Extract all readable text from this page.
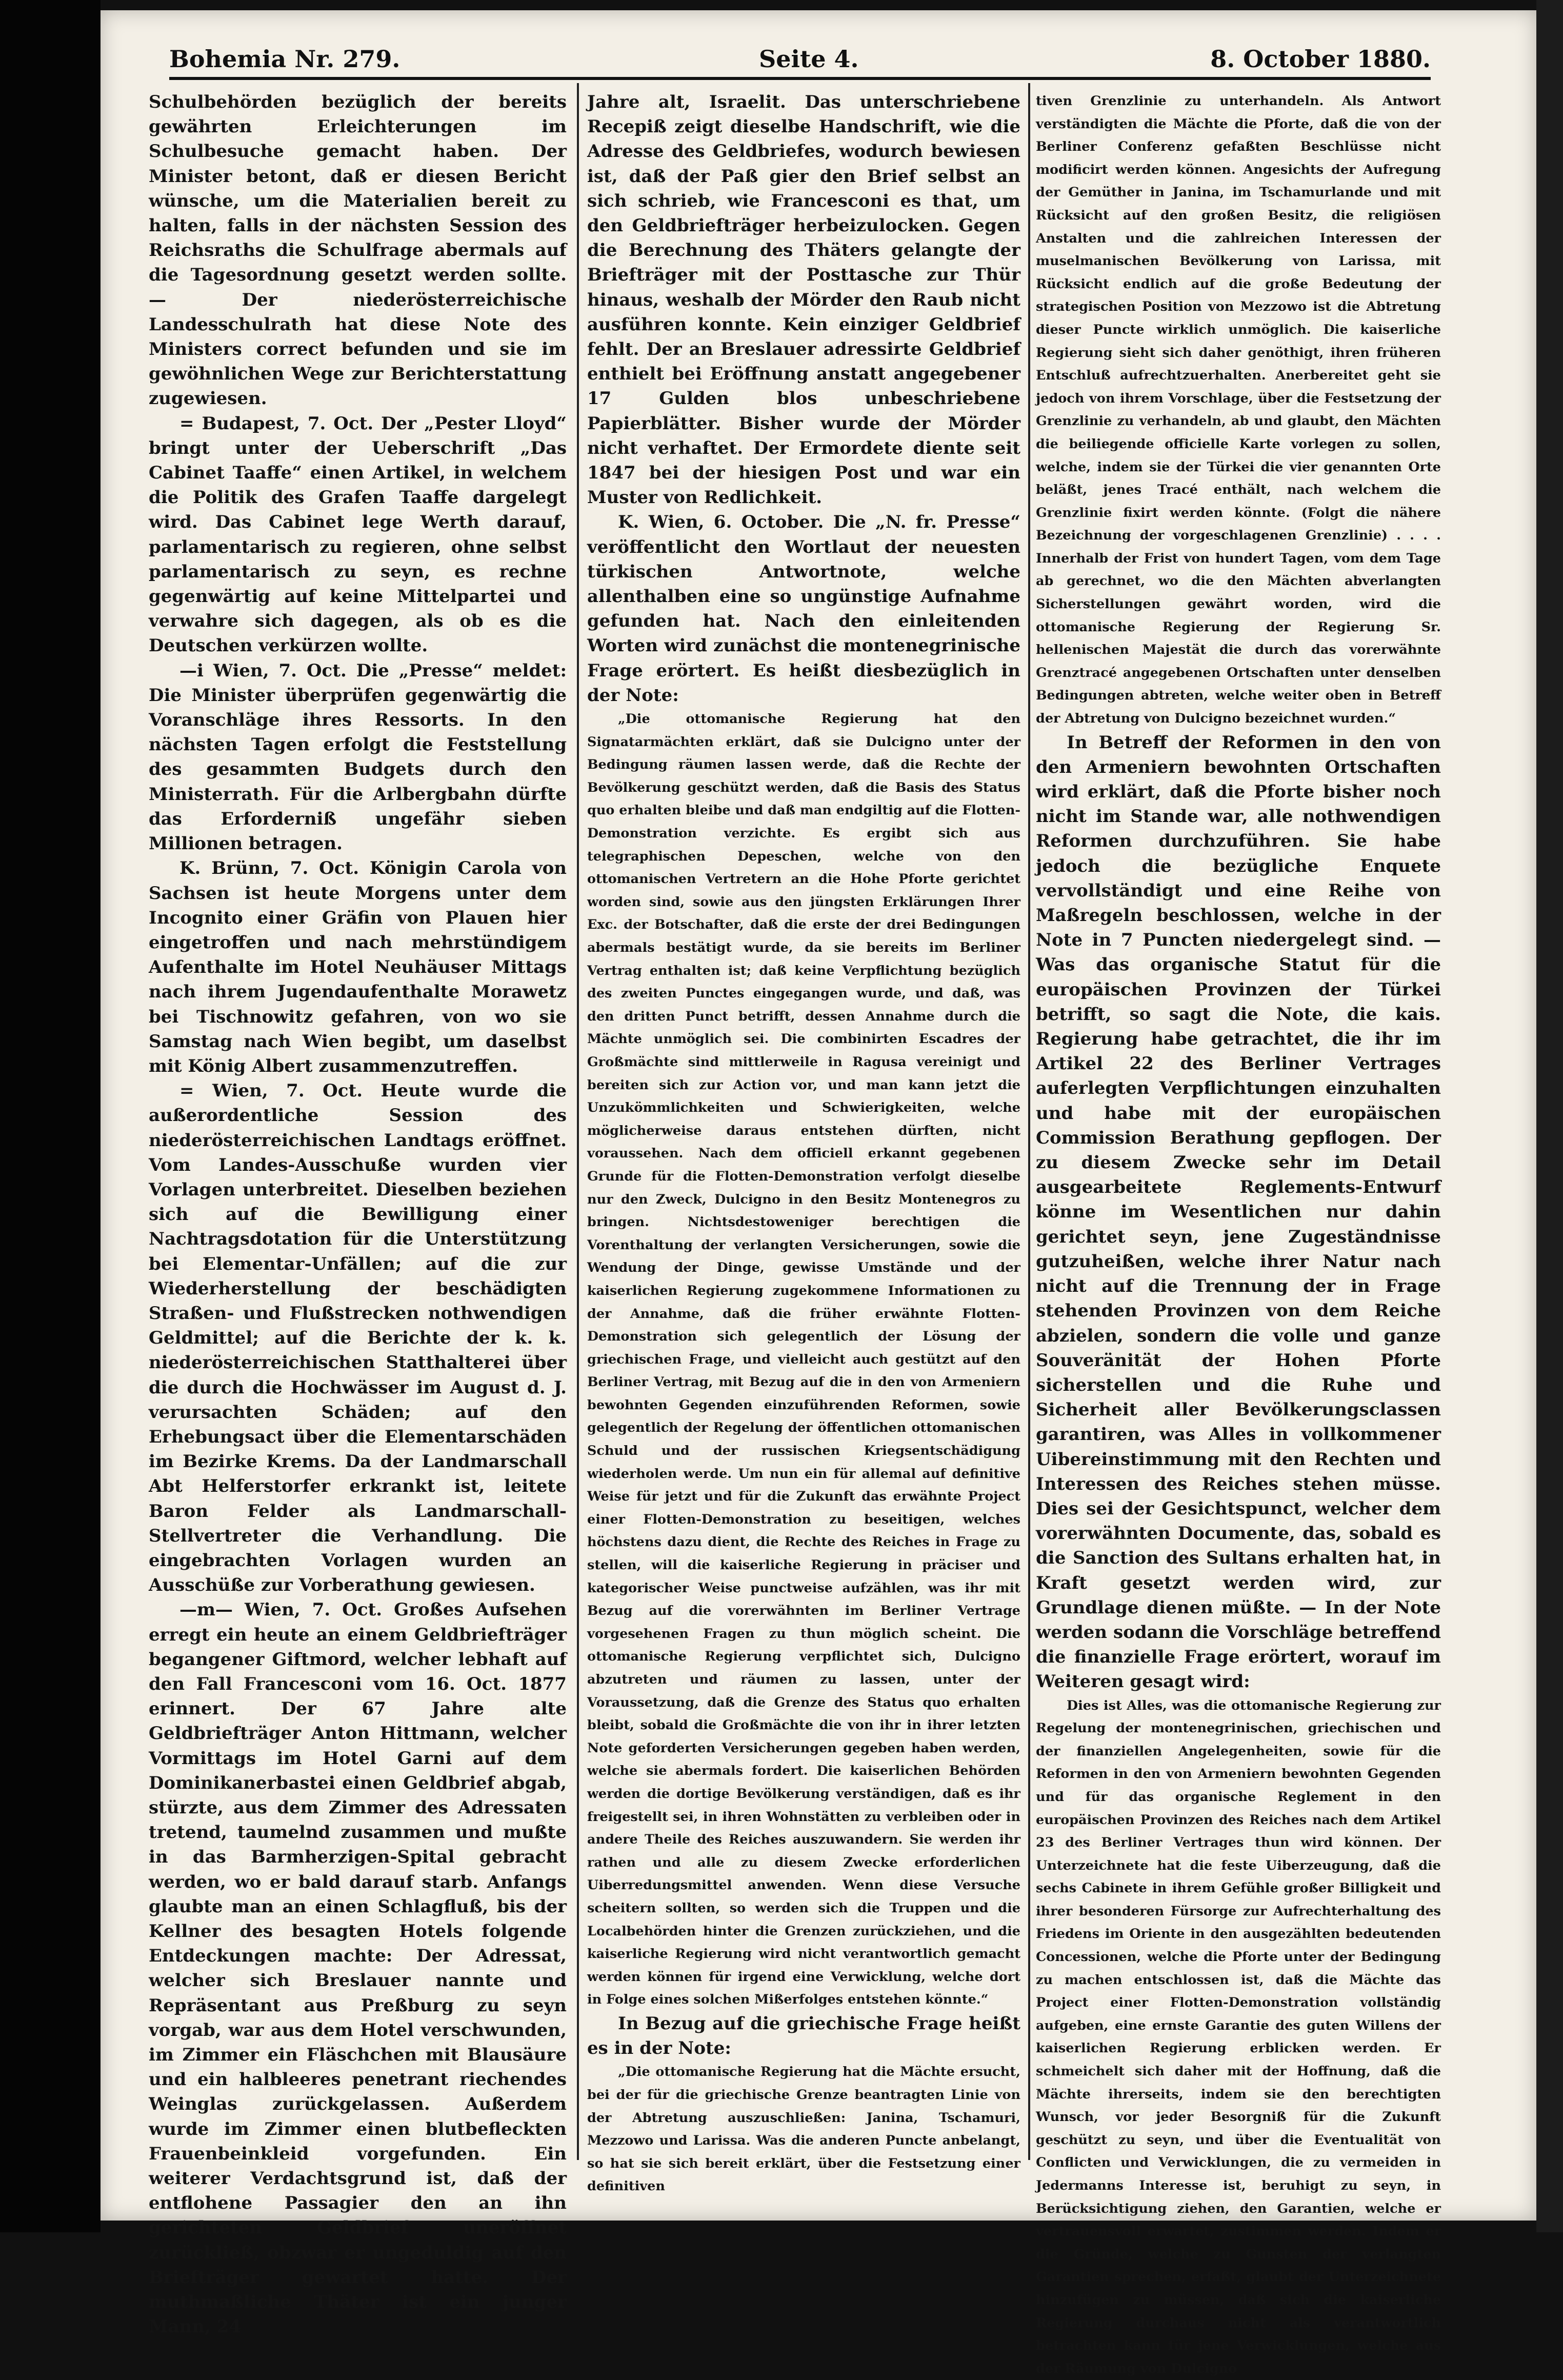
Bohemia Nr. 279.	Seite 4.	8. October 1880.

Schulbehörden bezüglich der bereits gewährten Erleichterungen im Schulbesuche gemacht haben. Der Minister betont, daß er diesen Bericht wünsche, um die Materialien bereit zu halten, falls in der nächsten Session des Reichsraths die Schulfrage abermals auf die Tagesordnung gesetzt werden sollte. — Der niederösterreichische Landesschulrath hat diese Note des Ministers correct befunden und sie im gewöhnlichen Wege zur Berichterstattung zugewiesen.

= Budapest, 7. Oct. Der „Pester Lloyd“ bringt unter der Ueberschrift „Das Cabinet Taaffe“ einen Artikel, in welchem die Politik des Grafen Taaffe dargelegt wird. Das Cabinet lege Werth darauf, parlamentarisch zu regieren, ohne selbst parlamentarisch zu seyn, es rechne gegenwärtig auf keine Mittelpartei und verwahre sich dagegen, als ob es die Deutschen verkürzen wollte.

—i Wien, 7. Oct. Die „Presse“ meldet: Die Minister überprüfen gegenwärtig die Voranschläge ihres Ressorts. In den nächsten Tagen erfolgt die Feststellung des gesammten Budgets durch den Ministerrath. Für die Arlbergbahn dürfte das Erforderniß ungefähr sieben Millionen betragen.

K. Brünn, 7. Oct. Königin Carola von Sachsen ist heute Morgens unter dem Incognito einer Gräfin von Plauen hier eingetroffen und nach mehrstündigem Aufenthalte im Hotel Neuhäuser Mittags nach ihrem Jugendaufenthalte Morawetz bei Tischnowitz gefahren, von wo sie Samstag nach Wien begibt, um daselbst mit König Albert zusammenzutreffen.

= Wien, 7. Oct. Heute wurde die außerordentliche Session des niederösterreichischen Landtags eröffnet. Vom Landes-Ausschuße wurden vier Vorlagen unterbreitet. Dieselben beziehen sich auf die Bewilligung einer Nachtragsdotation für die Unterstützung bei Elementar-Unfällen; auf die zur Wiederherstellung der beschädigten Straßen- und Flußstrecken nothwendigen Geldmittel; auf die Berichte der k. k. niederösterreichischen Statthalterei über die durch die Hochwässer im August d. J. verursachten Schäden; auf den Erhebungsact über die Elementarschäden im Bezirke Krems. Da der Landmarschall Abt Helferstorfer erkrankt ist, leitete Baron Felder als Landmarschall-Stellvertreter die Verhandlung. Die eingebrachten Vorlagen wurden an Ausschüße zur Vorberathung gewiesen.

—m— Wien, 7. Oct. Großes Aufsehen erregt ein heute an einem Geldbriefträger begangener Giftmord, welcher lebhaft auf den Fall Francesconi vom 16. Oct. 1877 erinnert. Der 67 Jahre alte Geldbriefträger Anton Hittmann, welcher Vormittags im Hotel Garni auf dem Dominikanerbastei einen Geldbrief abgab, stürzte, aus dem Zimmer des Adressaten tretend, taumelnd zusammen und mußte in das Barmherzigen-Spital gebracht werden, wo er bald darauf starb. Anfangs glaubte man an einen Schlagfluß, bis der Kellner des besagten Hotels folgende Entdeckungen machte: Der Adressat, welcher sich Breslauer nannte und Repräsentant aus Preßburg zu seyn vorgab, war aus dem Hotel verschwunden, im Zimmer ein Fläschchen mit Blausäure und ein halbleeres penetrant riechendes Weinglas zurückgelassen. Außerdem wurde im Zimmer einen blutbefleckten Frauenbeinkleid vorgefunden. Ein weiterer Verdachtsgrund ist, daß der entflohene Passagier den an ihn gerichteten Geldbrief uneröffnet zurückließ, obzwar er ungeduldig auf den Briefträger gewartet hatte. Der muthmaßliche Thäter ist ein junger Mann, 24

Jahre alt, Israelit. Das unterschriebene Recepiß zeigt dieselbe Handschrift, wie die Adresse des Geldbriefes, wodurch bewiesen ist, daß der Paß gier den Brief selbst an sich schrieb, wie Francesconi es that, um den Geldbriefträger herbeizulocken. Gegen die Berechnung des Thäters gelangte der Briefträger mit der Posttasche zur Thür hinaus, weshalb der Mörder den Raub nicht ausführen konnte. Kein einziger Geldbrief fehlt. Der an Breslauer adressirte Geldbrief enthielt bei Eröffnung anstatt angegebener 17 Gulden blos unbeschriebene Papierblätter. Bisher wurde der Mörder nicht verhaftet. Der Ermordete diente seit 1847 bei der hiesigen Post und war ein Muster von Redlichkeit.

K. Wien, 6. October. Die „N. fr. Presse“ veröffentlicht den Wortlaut der neuesten türkischen Antwortnote, welche allenthalben eine so ungünstige Aufnahme gefunden hat. Nach den einleitenden Worten wird zunächst die montenegrinische Frage erörtert. Es heißt diesbezüglich in der Note:

„Die ottomanische Regierung hat den Signatarmächten erklärt, daß sie Dulcigno unter der Bedingung räumen lassen werde, daß die Rechte der Bevölkerung geschützt werden, daß die Basis des Status quo erhalten bleibe und daß man endgiltig auf die Flotten-Demonstration verzichte. Es ergibt sich aus telegraphischen Depeschen, welche von den ottomanischen Vertretern an die Hohe Pforte gerichtet worden sind, sowie aus den jüngsten Erklärungen Ihrer Exc. der Botschafter, daß die erste der drei Bedingungen abermals bestätigt wurde, da sie bereits im Berliner Vertrag enthalten ist; daß keine Verpflichtung bezüglich des zweiten Punctes eingegangen wurde, und daß, was den dritten Punct betrifft, dessen Annahme durch die Mächte unmöglich sei. Die combinirten Escadres der Großmächte sind mittlerweile in Ragusa vereinigt und bereiten sich zur Action vor, und man kann jetzt die Unzukömmlichkeiten und Schwierigkeiten, welche möglicherweise daraus entstehen dürften, nicht voraussehen. Nach dem officiell erkannt gegebenen Grunde für die Flotten-Demonstration verfolgt dieselbe nur den Zweck, Dulcigno in den Besitz Montenegros zu bringen. Nichtsdestoweniger berechtigen die Vorenthaltung der verlangten Versicherungen, sowie die Wendung der Dinge, gewisse Umstände und der kaiserlichen Regierung zugekommene Informationen zu der Annahme, daß die früher erwähnte Flotten-Demonstration sich gelegentlich der Lösung der griechischen Frage, und vielleicht auch gestützt auf den Berliner Vertrag, mit Bezug auf die in den von Armeniern bewohnten Gegenden einzuführenden Reformen, sowie gelegentlich der Regelung der öffentlichen ottomanischen Schuld und der russischen Kriegsentschädigung wiederholen werde. Um nun ein für allemal auf definitive Weise für jetzt und für die Zukunft das erwähnte Project einer Flotten-Demonstration zu beseitigen, welches höchstens dazu dient, die Rechte des Reiches in Frage zu stellen, will die kaiserliche Regierung in präciser und kategorischer Weise punctweise aufzählen, was ihr mit Bezug auf die vorerwähnten im Berliner Vertrage vorgesehenen Fragen zu thun möglich scheint. Die ottomanische Regierung verpflichtet sich, Dulcigno abzutreten und räumen zu lassen, unter der Voraussetzung, daß die Grenze des Status quo erhalten bleibt, sobald die Großmächte die von ihr in ihrer letzten Note geforderten Versicherungen gegeben haben werden, welche sie abermals fordert. Die kaiserlichen Behörden werden die dortige Bevölkerung verständigen, daß es ihr freigestellt sei, in ihren Wohnstätten zu verbleiben oder in andere Theile des Reiches auszuwandern. Sie werden ihr rathen und alle zu diesem Zwecke erforderlichen Uiberredungsmittel anwenden. Wenn diese Versuche scheitern sollten, so werden sich die Truppen und die Localbehörden hinter die Grenzen zurückziehen, und die kaiserliche Regierung wird nicht verantwortlich gemacht werden können für irgend eine Verwicklung, welche dort in Folge eines solchen Mißerfolges entstehen könnte.“

In Bezug auf die griechische Frage heißt es in der Note:

„Die ottomanische Regierung hat die Mächte ersucht, bei der für die griechische Grenze beantragten Linie von der Abtretung auszuschließen: Janina, Tschamuri, Mezzowo und Larissa. Was die anderen Puncte anbelangt, so hat sie sich bereit erklärt, über die Festsetzung einer definitiven

tiven Grenzlinie zu unterhandeln. Als Antwort verständigten die Mächte die Pforte, daß die von der Berliner Conferenz gefaßten Beschlüsse nicht modificirt werden können. Angesichts der Aufregung der Gemüther in Janina, im Tschamurlande und mit Rücksicht auf den großen Besitz, die religiösen Anstalten und die zahlreichen Interessen der muselmanischen Bevölkerung von Larissa, mit Rücksicht endlich auf die große Bedeutung der strategischen Position von Mezzowo ist die Abtretung dieser Puncte wirklich unmöglich. Die kaiserliche Regierung sieht sich daher genöthigt, ihren früheren Entschluß aufrechtzuerhalten. Anerbereitet geht sie jedoch von ihrem Vorschlage, über die Festsetzung der Grenzlinie zu verhandeln, ab und glaubt, den Mächten die beiliegende officielle Karte vorlegen zu sollen, welche, indem sie der Türkei die vier genannten Orte beläßt, jenes Tracé enthält, nach welchem die Grenzlinie fixirt werden könnte. (Folgt die nähere Bezeichnung der vorgeschlagenen Grenzlinie) . . . . Innerhalb der Frist von hundert Tagen, vom dem Tage ab gerechnet, wo die den Mächten abverlangten Sicherstellungen gewährt worden, wird die ottomanische Regierung der Regierung Sr. hellenischen Majestät die durch das vorerwähnte Grenztracé angegebenen Ortschaften unter denselben Bedingungen abtreten, welche weiter oben in Betreff der Abtretung von Dulcigno bezeichnet wurden.“

In Betreff der Reformen in den von den Armeniern bewohnten Ortschaften wird erklärt, daß die Pforte bisher noch nicht im Stande war, alle nothwendigen Reformen durchzuführen. Sie habe jedoch die bezügliche Enquete vervollständigt und eine Reihe von Maßregeln beschlossen, welche in der Note in 7 Puncten niedergelegt sind. — Was das organische Statut für die europäischen Provinzen der Türkei betrifft, so sagt die Note, die kais. Regierung habe getrachtet, die ihr im Artikel 22 des Berliner Vertrages auferlegten Verpflichtungen einzuhalten und habe mit der europäischen Commission Berathung gepflogen. Der zu diesem Zwecke sehr im Detail ausgearbeitete Reglements-Entwurf könne im Wesentlichen nur dahin gerichtet seyn, jene Zugeständnisse gutzuheißen, welche ihrer Natur nach nicht auf die Trennung der in Frage stehenden Provinzen von dem Reiche abzielen, sondern die volle und ganze Souveränität der Hohen Pforte sicherstellen und die Ruhe und Sicherheit aller Bevölkerungsclassen garantiren, was Alles in vollkommener Uibereinstimmung mit den Rechten und Interessen des Reiches stehen müsse. Dies sei der Gesichtspunct, welcher dem vorerwähnten Documente, das, sobald es die Sanction des Sultans erhalten hat, in Kraft gesetzt werden wird, zur Grundlage dienen müßte. — In der Note werden sodann die Vorschläge betreffend die finanzielle Frage erörtert, worauf im Weiteren gesagt wird:

Dies ist Alles, was die ottomanische Regierung zur Regelung der montenegrinischen, griechischen und der finanziellen Angelegenheiten, sowie für die Reformen in den von Armeniern bewohnten Gegenden und für das organische Reglement in den europäischen Provinzen des Reiches nach dem Artikel 23 des Berliner Vertrages thun wird können. Der Unterzeichnete hat die feste Uiberzeugung, daß die sechs Cabinete in ihrem Gefühle großer Billigkeit und ihrer besonderen Fürsorge zur Aufrechterhaltung des Friedens im Oriente in den ausgezählten bedeutenden Concessionen, welche die Pforte unter der Bedingung zu machen entschlossen ist, daß die Mächte das Project einer Flotten-Demonstration vollständig aufgeben, eine ernste Garantie des guten Willens der kaiserlichen Regierung erblicken werden. Er schmeichelt sich daher mit der Hoffnung, daß die Mächte ihrerseits, indem sie den berechtigten Wunsch, vor jeder Besorgniß für die Zukunft geschützt zu seyn, und über die Eventualität von Conflicten und Verwicklungen, die zu vermeiden in Jedermanns Interesse ist, beruhigt zu seyn, in Berücksichtigung ziehen, den Garantien, welche er vertrauensvoll erwartet, zustimmen werden. Indem er die Gründe, welche zu Gunsten der verlangten Garantien sprechen, erfaßt, glaubt der Unterzeichnete hinzufügen zu müssen, daß sich die kaiserliche Regierung durchaus nicht als verantwortlich betrachten kann für jene Verwicklungen, welche aus der Räumung von Dulcigno
